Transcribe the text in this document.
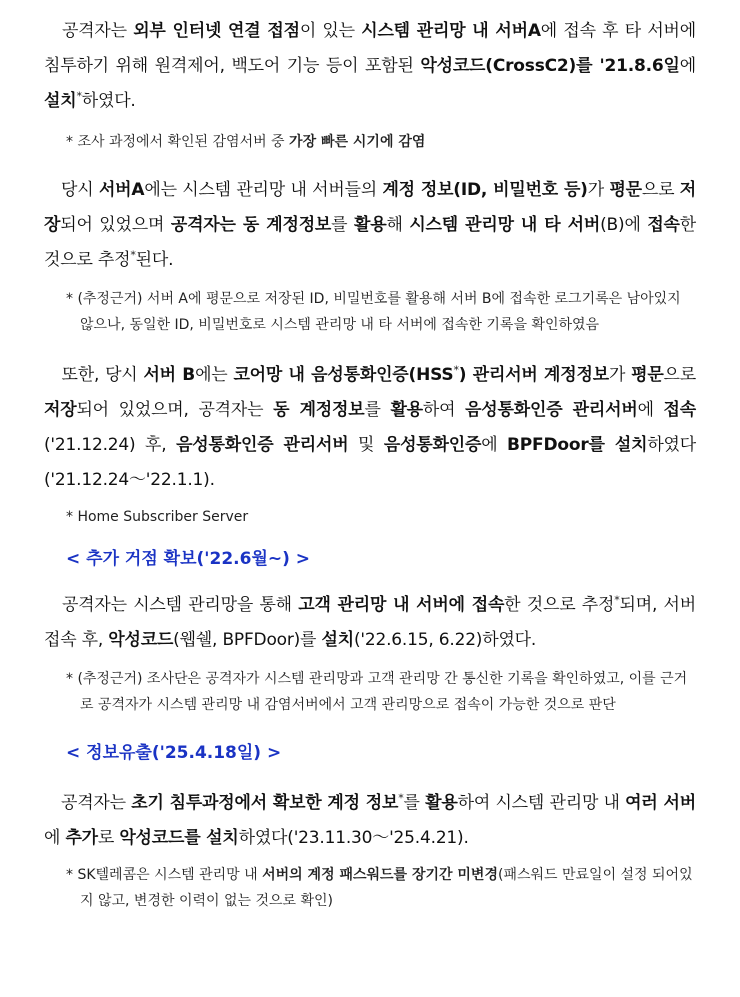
　공격자는 외부 인터넷 연결 접점이 있는 시스템 관리망 내 서버A에 접속 후 타 서버에 침투하기 위해 원격제어, 백도어 기능 등이 포함된 악성코드(CrossC2)를 '21.8.6일에 설치*하였다.

* 조사 과정에서 확인된 감염서버 중 가장 빠른 시기에 감염

　당시 서버A에는 시스템 관리망 내 서버들의 계정 정보(ID, 비밀번호 등)가 평문으로 저장되어 있었으며 공격자는 동 계정정보를 활용해 시스템 관리망 내 타 서버(B)에 접속한 것으로 추정*된다.

* (추정근거) 서버 A에 평문으로 저장된 ID, 비밀번호를 활용해 서버 B에 접속한 로그기록은 남아있지 않으나, 동일한 ID, 비밀번호로 시스템 관리망 내 타 서버에 접속한 기록을 확인하였음

　또한, 당시 서버 B에는 코어망 내 음성통화인증(HSS*) 관리서버 계정정보가 평문으로 저장되어 있었으며, 공격자는 동 계정정보를 활용하여 음성통화인증 관리서버에 접속('21.12.24) 후, 음성통화인증 관리서버 및 음성통화인증에 BPFDoor를 설치하였다('21.12.24～'22.1.1).

* Home Subscriber Server

< 추가 거점 확보('22.6월~) >

　공격자는 시스템 관리망을 통해 고객 관리망 내 서버에 접속한 것으로 추정*되며, 서버 접속 후, 악성코드(웹쉘, BPFDoor)를 설치('22.6.15, 6.22)하였다.

* (추정근거) 조사단은 공격자가 시스템 관리망과 고객 관리망 간 통신한 기록을 확인하였고, 이를 근거로 공격자가 시스템 관리망 내 감염서버에서 고객 관리망으로 접속이 가능한 것으로 판단

< 정보유출('25.4.18일) >

　공격자는 초기 침투과정에서 확보한 계정 정보*를 활용하여 시스템 관리망 내 여러 서버에 추가로 악성코드를 설치하였다('23.11.30～'25.4.21).

* SK텔레콤은 시스템 관리망 내 서버의 계정 패스워드를 장기간 미변경(패스워드 만료일이 설정 되어있지 않고, 변경한 이력이 없는 것으로 확인)
